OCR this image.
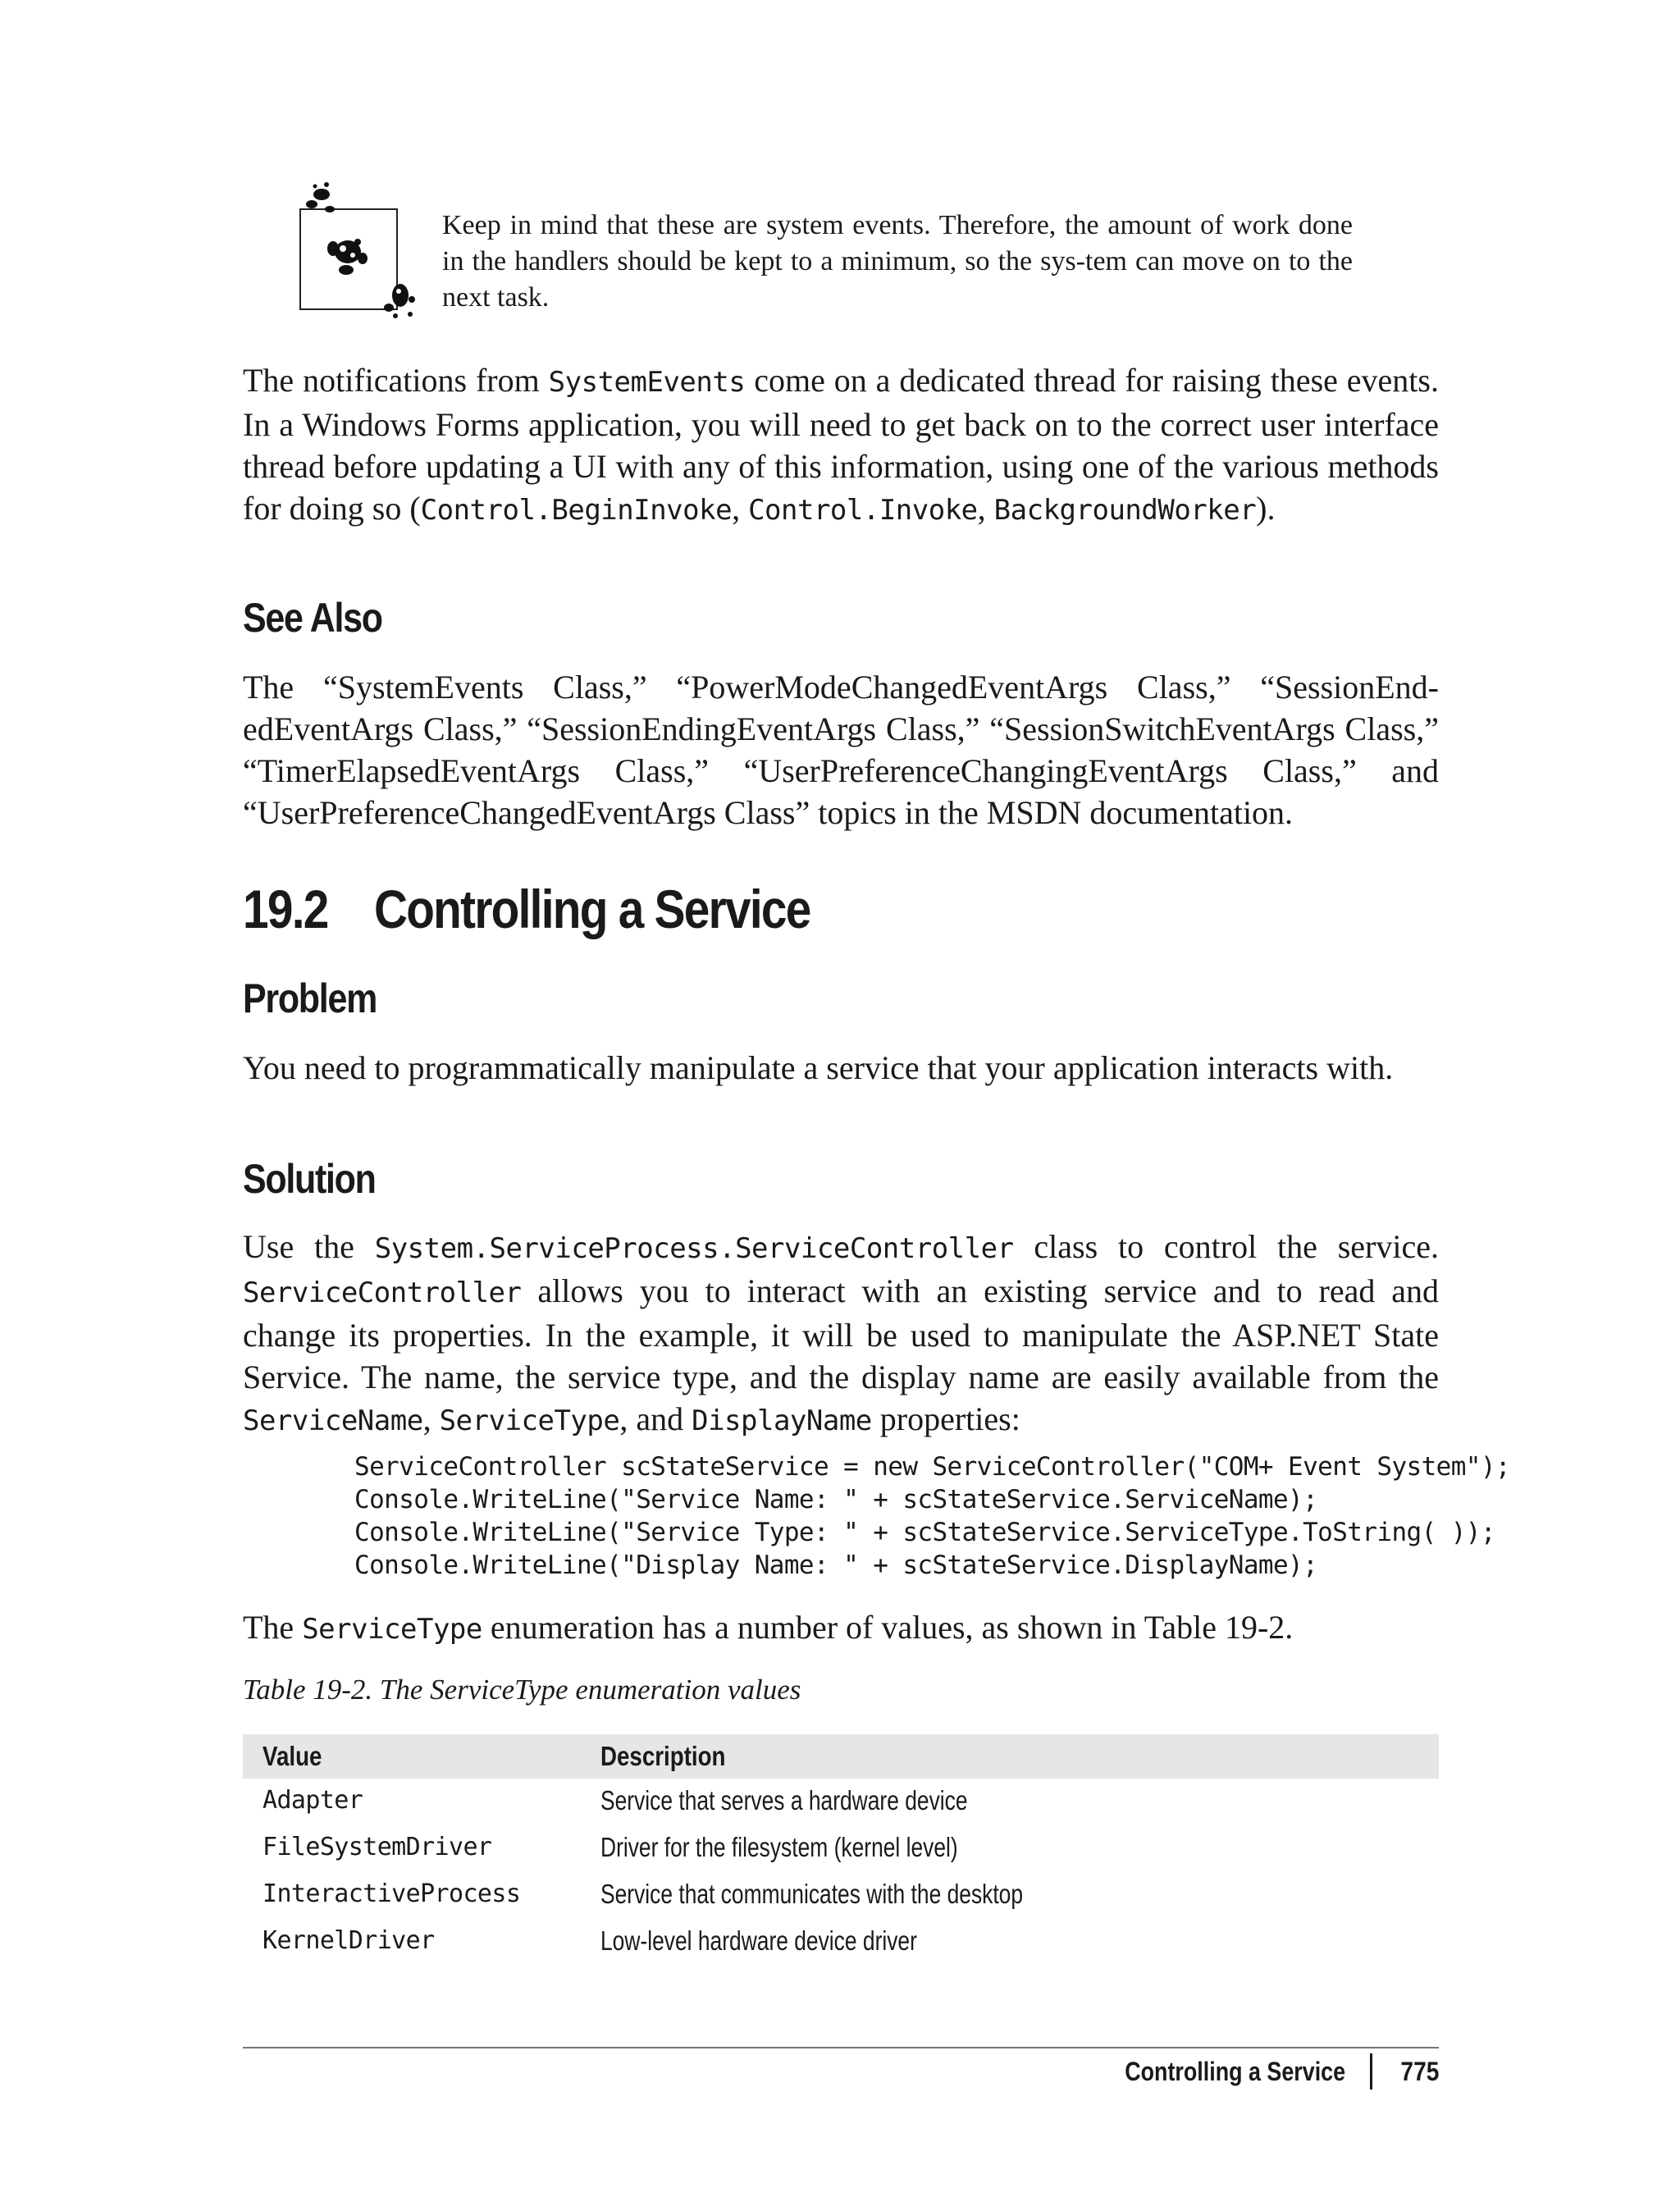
Keep in mind that these are system events. Therefore, the amount of work done in the handlers should be kept to a minimum, so the sys-tem can move on to the next task.

The notifications from SystemEvents come on a dedicated thread for raising these events. In a Windows Forms application, you will need to get back on to the correct user interface thread before updating a UI with any of this information, using one of the various methods for doing so (Control.BeginInvoke, Control.Invoke, BackgroundWorker).

See Also

The “SystemEvents Class,” “PowerModeChangedEventArgs Class,” “SessionEnd-edEventArgs Class,” “SessionEndingEventArgs Class,” “SessionSwitchEventArgs Class,” “TimerElapsedEventArgs Class,” “UserPreferenceChangingEventArgs Class,” and “UserPreferenceChangedEventArgs Class” topics in the MSDN documentation.

19.2 Controlling a Service
Problem

You need to programmatically manipulate a service that your application interacts with.

Solution

Use the System.ServiceProcess.ServiceController class to control the service. ServiceController allows you to interact with an existing service and to read and change its properties. In the example, it will be used to manipulate the ASP.NET State Service. The name, the service type, and the display name are easily available from the ServiceName, ServiceType, and DisplayName properties:

ServiceController scStateService = new ServiceController("COM+ Event System");
Console.WriteLine("Service Name: " + scStateService.ServiceName);
Console.WriteLine("Service Type: " + scStateService.ServiceType.ToString( ));
Console.WriteLine("Display Name: " + scStateService.DisplayName);

The ServiceType enumeration has a number of values, as shown in Table 19-2.

Table 19-2. The ServiceType enumeration values
Value	Description
Adapter	Service that serves a hardware device
FileSystemDriver	Driver for the filesystem (kernel level)
InteractiveProcess	Service that communicates with the desktop
KernelDriver	Low-level hardware device driver
Controlling a Service 775
